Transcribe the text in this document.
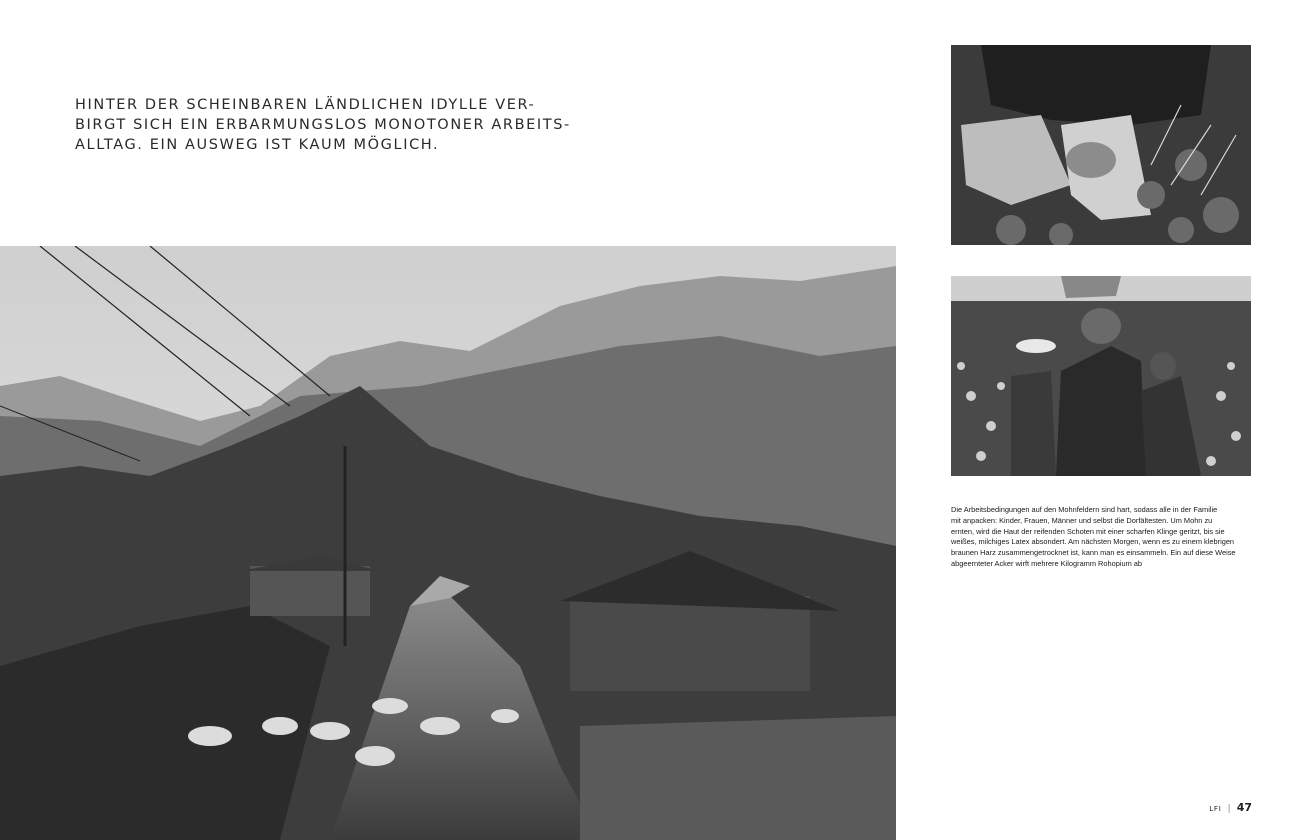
HINTER DER SCHEINBAREN LÄNDLICHEN IDYLLE VER-
BIRGT SICH EIN ERBARMUNGSLOS MONOTONER ARBEITS-
ALLTAG. EIN AUSWEG IST KAUM MÖGLICH.

Die Arbeitsbedingungen auf den Mohnfeldern sind hart, sodass alle in der Familie
mit anpacken: Kinder, Frauen, Männer und selbst die Dorfältesten. Um Mohn zu
ernten, wird die Haut der reifenden Schoten mit einer scharfen Klinge geritzt, bis sie
weißes, milchiges Latex absondert. Am nächsten Morgen, wenn es zu einem klebrigen
braunen Harz zusammengetrocknet ist, kann man es einsammeln. Ein auf diese Weise
abgeernteter Acker wirft mehrere Kilogramm Rohopium ab

LFI | 47
